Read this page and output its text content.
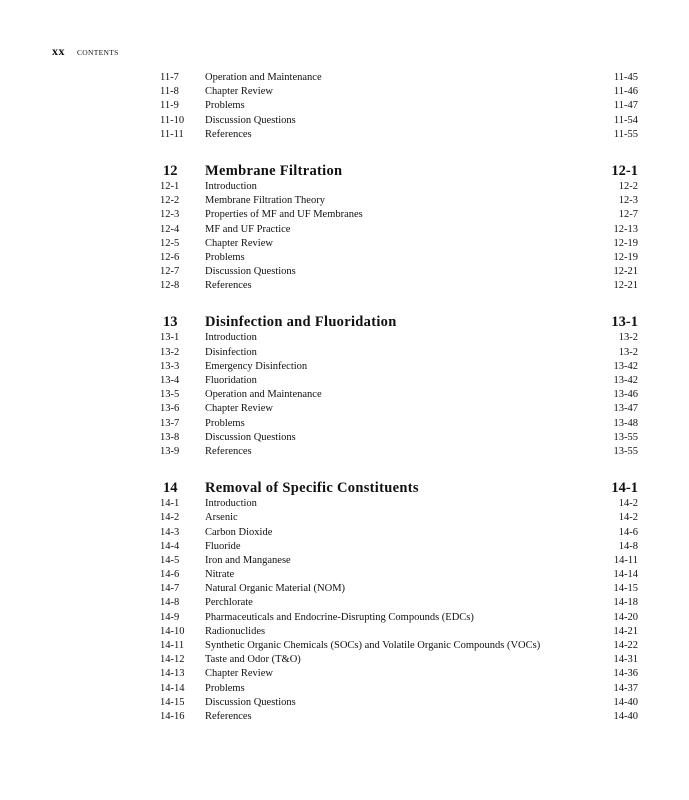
xx CONTENTS
11-7 Operation and Maintenance	11-45
11-8 Chapter Review	11-46
11-9 Problems	11-47
11-10 Discussion Questions	11-54
11-11 References	11-55
12 Membrane Filtration	12-1
12-1 Introduction	12-2
12-2 Membrane Filtration Theory	12-3
12-3 Properties of MF and UF Membranes	12-7
12-4 MF and UF Practice	12-13
12-5 Chapter Review	12-19
12-6 Problems	12-19
12-7 Discussion Questions	12-21
12-8 References	12-21
13 Disinfection and Fluoridation	13-1
13-1 Introduction	13-2
13-2 Disinfection	13-2
13-3 Emergency Disinfection	13-42
13-4 Fluoridation	13-42
13-5 Operation and Maintenance	13-46
13-6 Chapter Review	13-47
13-7 Problems	13-48
13-8 Discussion Questions	13-55
13-9 References	13-55
14 Removal of Specific Constituents	14-1
14-1 Introduction	14-2
14-2 Arsenic	14-2
14-3 Carbon Dioxide	14-6
14-4 Fluoride	14-8
14-5 Iron and Manganese	14-11
14-6 Nitrate	14-14
14-7 Natural Organic Material (NOM)	14-15
14-8 Perchlorate	14-18
14-9 Pharmaceuticals and Endocrine-Disrupting Compounds (EDCs)	14-20
14-10 Radionuclides	14-21
14-11 Synthetic Organic Chemicals (SOCs) and Volatile Organic Compounds (VOCs)	14-22
14-12 Taste and Odor (T&O)	14-31
14-13 Chapter Review	14-36
14-14 Problems	14-37
14-15 Discussion Questions	14-40
14-16 References	14-40
